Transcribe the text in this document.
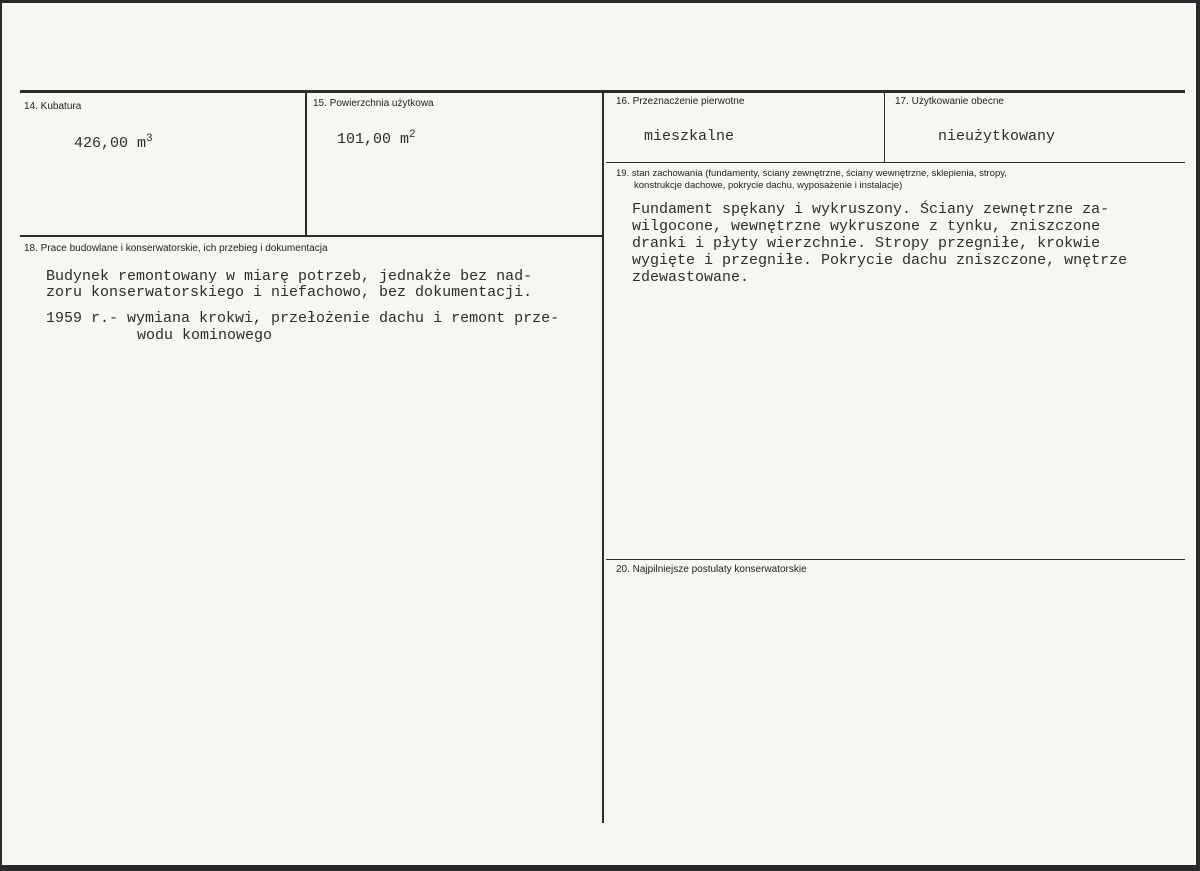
14. Kubatura
426,00 $m^3$
15. Powierzchnia użytkowa
101,00 $m^2$
16. Przeznaczenie pierwotne
mieszkalne
17. Użytkowanie obecne
nieużytkowany
18. Prace budowlane i konserwatorskie, ich przebieg i dokumentacja
Budynek remontowany w miarę potrzeb, jednakże bez nad-
zoru konserwatorskiego i niefachowo, bez dokumentacji.
1959 r.- wymiana krokwi, przełożenie dachu i remont prze-
wodu kominowego
19. stan zachowania (fundamenty, ściany zewnętrzne, ściany wewnętrzne, sklepienia, stropy,
konstrukcje dachowe, pokrycie dachu, wyposażenie i instalacje)
Fundament spękany i wykruszony. Ściany zewnętrzne za-
wilgocone, wewnętrzne wykruszone z tynku, zniszczone
dranki i płyty wierzchnie. Stropy przegniłe, krokwie
wygięte i przegniłe. Pokrycie dachu zniszczone, wnętrze
zdewastowane.
20. Najpilniejsze postulaty konserwatorskie
